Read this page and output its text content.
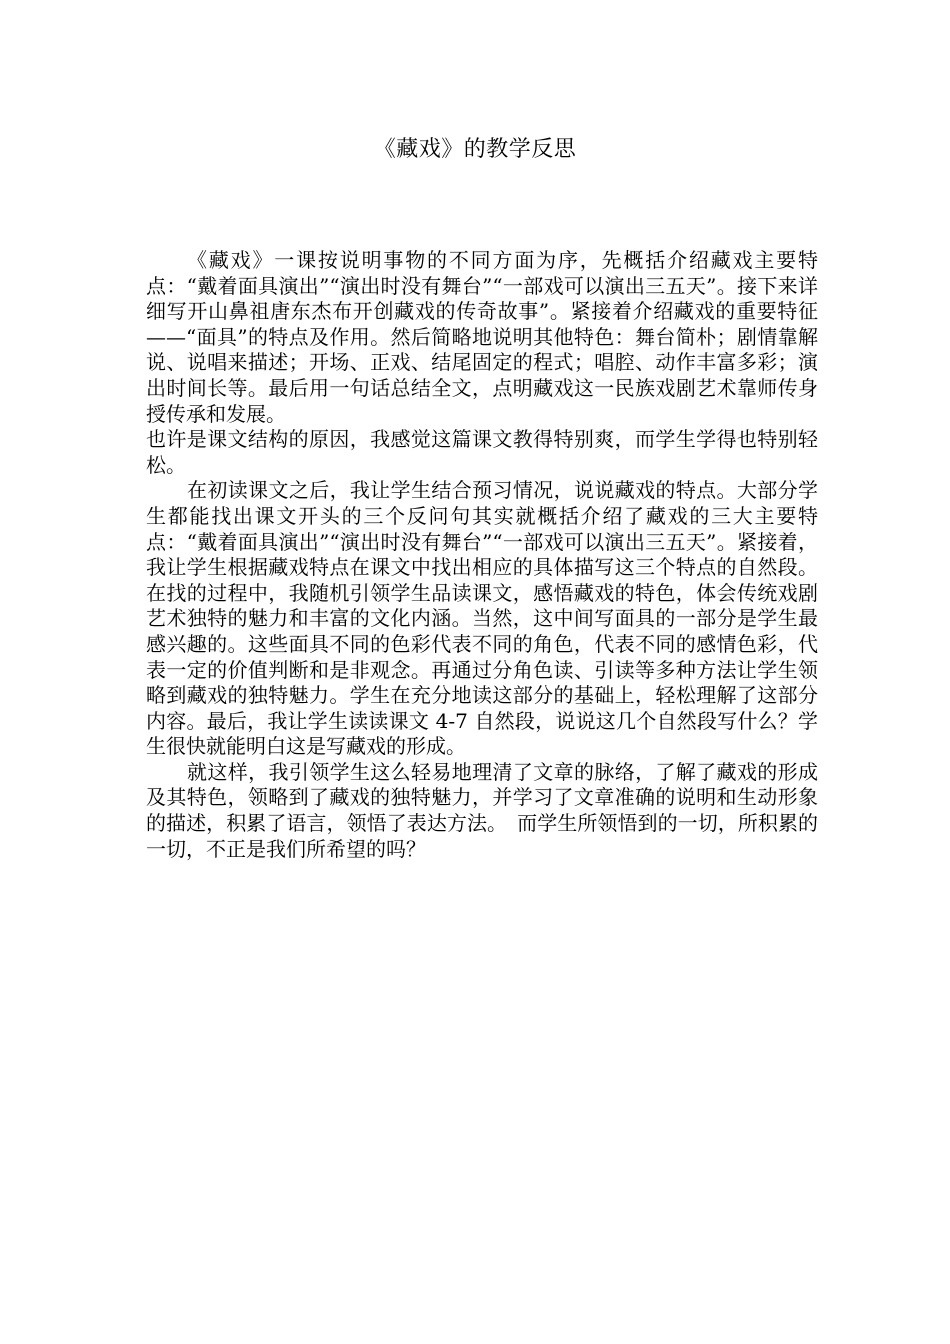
《藏戏》的教学反思

《藏戏》一课按说明事物的不同方面为序，先概括介绍藏戏主要特点：“戴着面具演出”“演出时没有舞台”“一部戏可以演出三五天”。接下来详细写开山鼻祖唐东杰布开创藏戏的传奇故事”。紧接着介绍藏戏的重要特征——“面具”的特点及作用。然后简略地说明其他特色：舞台简朴；剧情靠解说、说唱来描述；开场、正戏、结尾固定的程式；唱腔、动作丰富多彩；演出时间长等。最后用一句话总结全文，点明藏戏这一民族戏剧艺术靠师传身授传承和发展。

也许是课文结构的原因，我感觉这篇课文教得特别爽，而学生学得也特别轻松。

在初读课文之后，我让学生结合预习情况，说说藏戏的特点。大部分学生都能找出课文开头的三个反问句其实就概括介绍了藏戏的三大主要特点：“戴着面具演出”“演出时没有舞台”“一部戏可以演出三五天”。紧接着，我让学生根据藏戏特点在课文中找出相应的具体描写这三个特点的自然段。在找的过程中，我随机引领学生品读课文，感悟藏戏的特色，体会传统戏剧艺术独特的魅力和丰富的文化内涵。当然，这中间写面具的一部分是学生最感兴趣的。这些面具不同的色彩代表不同的角色，代表不同的感情色彩，代表一定的价值判断和是非观念。再通过分角色读、引读等多种方法让学生领略到藏戏的独特魅力。学生在充分地读这部分的基础上，轻松理解了这部分内容。最后，我让学生读读课文 4-7 自然段，说说这几个自然段写什么？学生很快就能明白这是写藏戏的形成。

就这样，我引领学生这么轻易地理清了文章的脉络，了解了藏戏的形成及其特色，领略到了藏戏的独特魅力，并学习了文章准确的说明和生动形象的描述，积累了语言，领悟了表达方法。　而学生所领悟到的一切，所积累的一切，不正是我们所希望的吗？
